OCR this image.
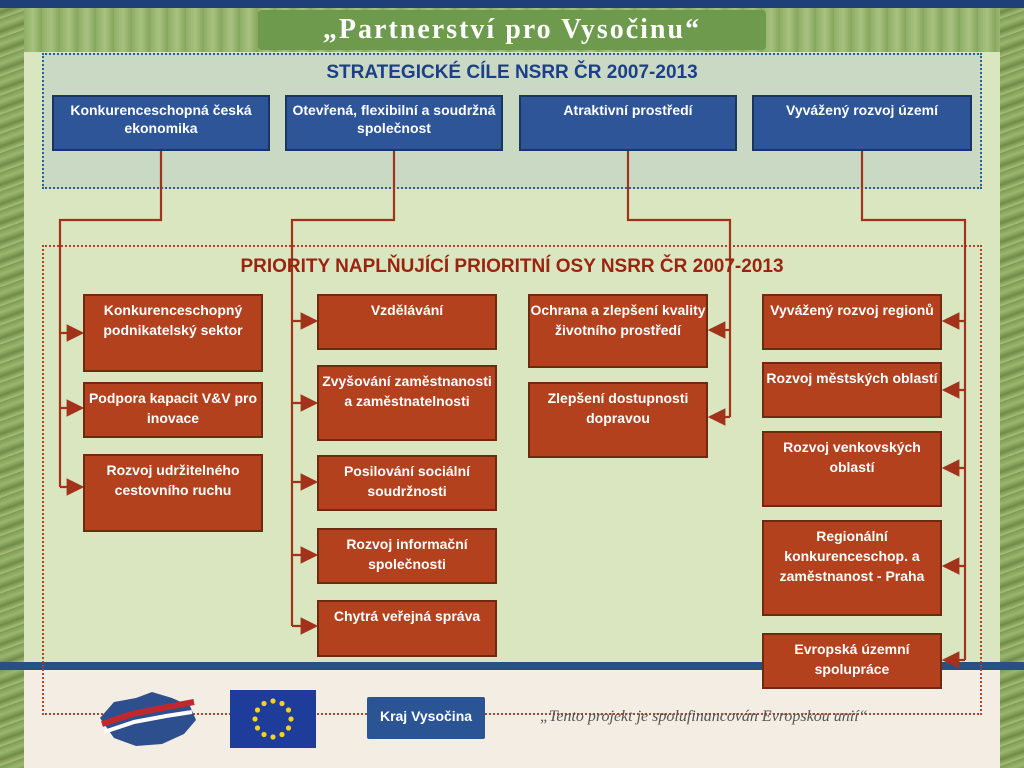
„Partnerství pro Vysočinu“
STRATEGICKÉ CÍLE NSRR ČR 2007-2013
Konkurenceschopná česká ekonomika
Otevřená, flexibilní a soudržná společnost
Atraktivní prostředí	Vyvážený rozvoj území
PRIORITY NAPLŇUJÍCÍ PRIORITNÍ OSY NSRR ČR 2007-2013
Konkurenceschopný podnikatelský sektor
Podpora kapacit V&V pro inovace
Rozvoj udržitelného cestovního ruchu
Vzdělávání
Zvyšování zaměstnanosti a zaměstnatelnosti
Posilování sociální soudržnosti
Rozvoj informační společnosti
Chytrá veřejná správa
Ochrana a zlepšení kvality životního prostředí
Zlepšení dostupnosti dopravou
Vyvážený rozvoj regionů
Rozvoj městských oblastí
Rozvoj venkovských oblastí
Regionální konkurenceschop. a zaměstnanost - Praha
Evropská územní spolupráce
Kraj Vysočina	„Tento projekt je spolufinancován Evropskou unií“
